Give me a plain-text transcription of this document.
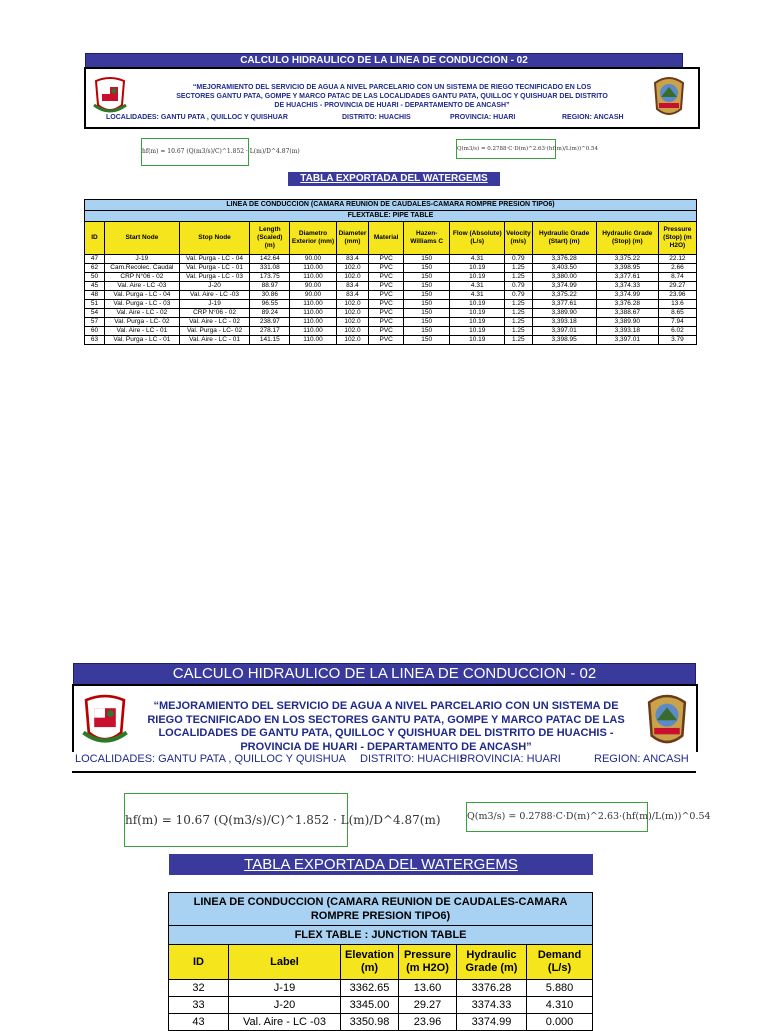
CALCULO HIDRAULICO DE LA LINEA DE CONDUCCION - 02
“MEJORAMIENTO DEL SERVICIO DE AGUA A NIVEL PARCELARIO CON UN SISTEMA DE RIEGO TECNIFICADO EN LOS SECTORES GANTU PATA, GOMPE Y MARCO PATAC DE LAS LOCALIDADES GANTU PATA, QUILLOC Y QUISHUAR DEL DISTRITO DE HUACHIS - PROVINCIA DE HUARI - DEPARTAMENTO DE ANCASH”
LOCALIDADES: GANTU PATA , QUILLOC Y QUISHUAR	DISTRITO: HUACHIS	PROVINCIA: HUARI	REGION: ANCASH
hf(m) = 10.67 (Q(m3/s)/C)^1.852 · L(m)/D^4.87(m)	Q(m3/s) = 0.2788·C·D(m)^2.63·(hf(m)/L(m))^0.54
TABLA EXPORTADA DEL WATERGEMS
LINEA DE CONDUCCION (CAMARA REUNION DE CAUDALES-CAMARA ROMPRE PRESION TIPO6)												
FLEXTABLE: PIPE TABLE												
ID	Start Node	Stop Node	Length (Scaled) (m)	Diametro Exterior (mm)	Diameter (mm)	Material	Hazen-Williams C	Flow (Absolute) (L/s)	Velocity (m/s)	Hydraulic Grade (Start) (m)	Hydraulic Grade (Stop) (m)	Pressure (Stop) (m H2O)
47	J-19	Val. Purga - LC - 04	142.64	90.00	83.4	PVC	150	4.31	0.79	3,376.28	3,375.22	22.12
62	Cam.Recolec. Caudal	Val. Purga - LC - 01	331.08	110.00	102.0	PVC	150	10.19	1.25	3,403.50	3,398.95	2.66
50	CRP N°06 - 02	Val. Purga - LC - 03	173.75	110.00	102.0	PVC	150	10.19	1.25	3,380.00	3,377.61	8.74
45	Val. Aire - LC -03	J-20	88.97	90.00	83.4	PVC	150	4.31	0.79	3,374.99	3,374.33	29.27
48	Val. Purga - LC - 04	Val. Aire - LC -03	30.86	90.00	83.4	PVC	150	4.31	0.79	3,375.22	3,374.99	23.96
51	Val. Purga - LC - 03	J-19	96.55	110.00	102.0	PVC	150	10.19	1.25	3,377.61	3,376.28	13.6
54	Val. Aire - LC - 02	CRP N°06 - 02	89.24	110.00	102.0	PVC	150	10.19	1.25	3,389.90	3,388.67	8.65
57	Val. Purga - LC- 02	Val. Aire - LC - 02	238.97	110.00	102.0	PVC	150	10.19	1.25	3,393.18	3,389.90	7.94
60	Val. Aire - LC - 01	Val. Purga - LC- 02	278.17	110.00	102.0	PVC	150	10.19	1.25	3,397.01	3,393.18	6.02
63	Val. Purga - LC - 01	Val. Aire - LC - 01	141.15	110.00	102.0	PVC	150	10.19	1.25	3,398.95	3,397.01	3.79
CALCULO HIDRAULICO DE LA LINEA DE CONDUCCION - 02
“MEJORAMIENTO DEL SERVICIO DE AGUA A NIVEL PARCELARIO CON UN SISTEMA DE RIEGO TECNIFICADO EN LOS SECTORES GANTU PATA, GOMPE Y MARCO PATAC DE LAS LOCALIDADES DE GANTU PATA, QUILLOC Y QUISHUAR DEL DISTRITO DE HUACHIS - PROVINCIA DE HUARI - DEPARTAMENTO DE ANCASH”
LOCALIDADES: GANTU PATA , QUILLOC Y QUISHUA DISTRITO: HUACHIS
PROVINCIA: HUARI	REGION: ANCASH
hf(m) = 10.67 (Q(m3/s)/C)^1.852 · L(m)/D^4.87(m)	Q(m3/s) = 0.2788·C·D(m)^2.63·(hf(m)/L(m))^0.54
TABLA EXPORTADA DEL WATERGEMS
LINEA DE CONDUCCION (CAMARA REUNION DE CAUDALES-CAMARA ROMPRE PRESION TIPO6)					
FLEX TABLE : JUNCTION TABLE					
ID	Label	Elevation (m)	Pressure (m H2O)	Hydraulic Grade (m)	Demand (L/s)
32	J-19	3362.65	13.60	3376.28	5.880
33	J-20	3345.00	29.27	3374.33	4.310
43	Val. Aire - LC -03	3350.98	23.96	3374.99	0.000
